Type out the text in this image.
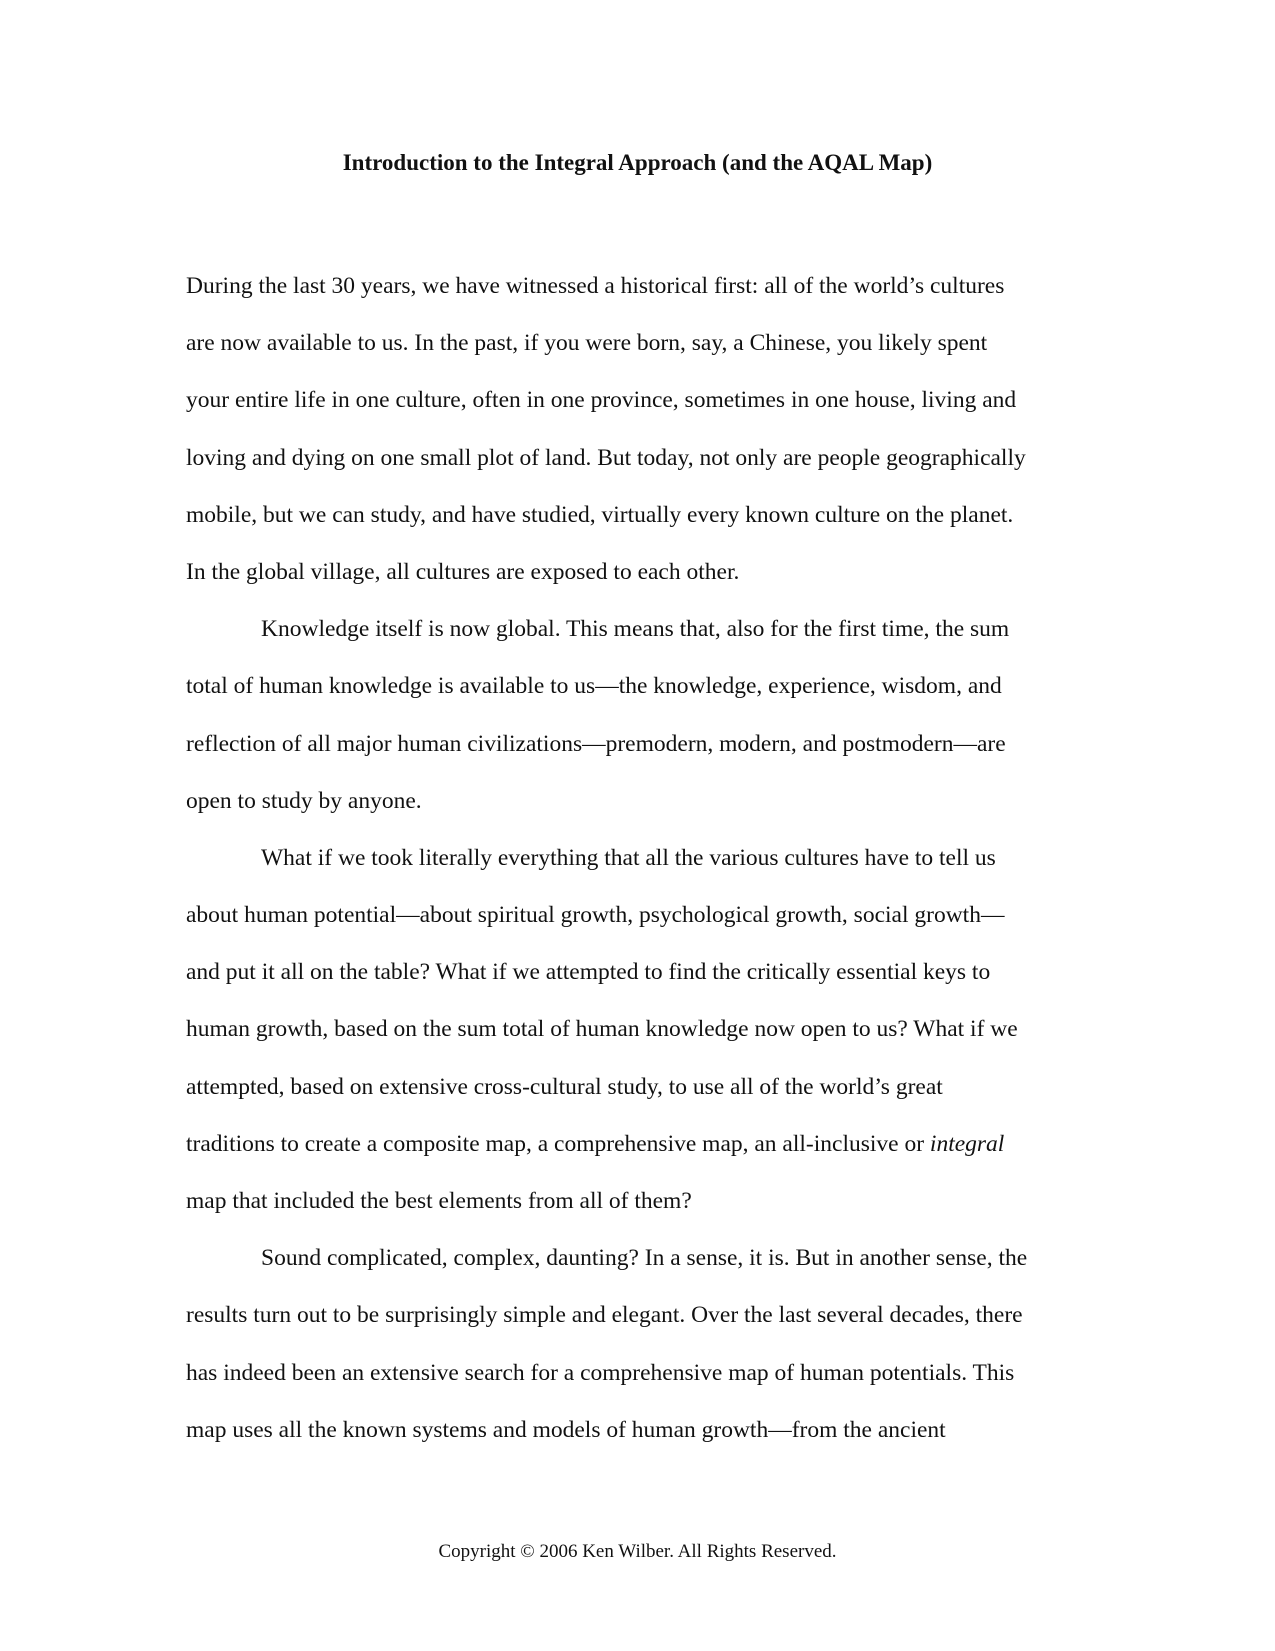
Introduction to the Integral Approach (and the AQAL Map)

During the last 30 years, we have witnessed a historical first: all of the world’s cultures
are now available to us. In the past, if you were born, say, a Chinese, you likely spent
your entire life in one culture, often in one province, sometimes in one house, living and
loving and dying on one small plot of land. But today, not only are people geographically
mobile, but we can study, and have studied, virtually every known culture on the planet.
In the global village, all cultures are exposed to each other.

Knowledge itself is now global. This means that, also for the first time, the sum
total of human knowledge is available to us—the knowledge, experience, wisdom, and
reflection of all major human civilizations—premodern, modern, and postmodern—are
open to study by anyone.

What if we took literally everything that all the various cultures have to tell us
about human potential—about spiritual growth, psychological growth, social growth—
and put it all on the table? What if we attempted to find the critically essential keys to
human growth, based on the sum total of human knowledge now open to us? What if we
attempted, based on extensive cross-cultural study, to use all of the world’s great
traditions to create a composite map, a comprehensive map, an all-inclusive or integral
map that included the best elements from all of them?

Sound complicated, complex, daunting? In a sense, it is. But in another sense, the
results turn out to be surprisingly simple and elegant. Over the last several decades, there
has indeed been an extensive search for a comprehensive map of human potentials. This
map uses all the known systems and models of human growth—from the ancient

Copyright © 2006 Ken Wilber. All Rights Reserved.
